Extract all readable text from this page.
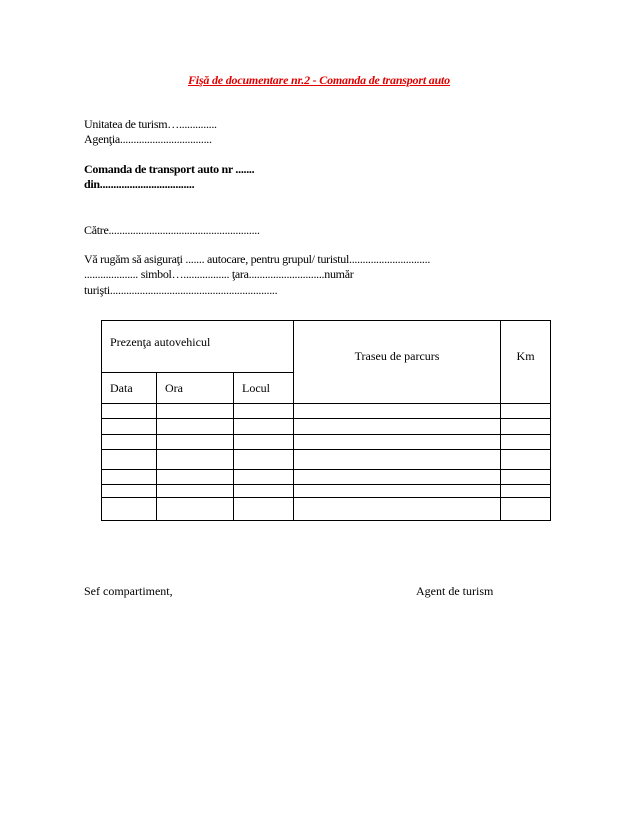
Fişă de documentare nr.2 - Comanda de transport auto
Unitatea de turism…..............
Agenţia..................................
Comanda de transport auto nr .......
din...................................
Către........................................................
Vă rugăm să asiguraţi ....... autocare, pentru grupul/ turistul..............................
.................... simbol…................. ţara............................număr
turişti..............................................................
Prezenţa autovehicul			Traseu de parcurs	Km
Data	Ora	Locul		

Sef compartiment,	Agent de turism
